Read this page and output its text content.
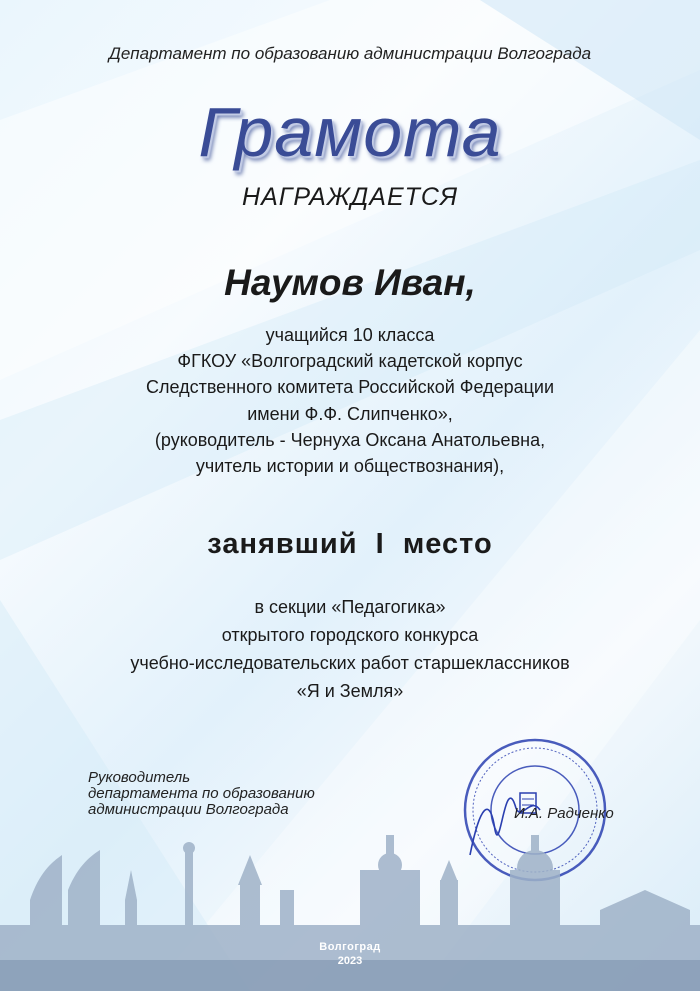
Департамент по образованию администрации Волгограда
Грамота
НАГРАЖДАЕТСЯ
Наумов Иван,
учащийся 10 класса
ФГКОУ «Волгоградский кадетской корпус
Следственного комитета Российской Федерации
имени Ф.Ф. Слипченко»,
(руководитель - Чернуха Оксана Анатольевна,
учитель истории и обществознания),
занявший  I  место
в секции «Педагогика»
открытого городского конкурса
учебно-исследовательских работ старшеклассников
«Я и Земля»
Руководитель
департамента по образованию
администрации Волгограда	И.А. Радченко
Волгоград
2023
